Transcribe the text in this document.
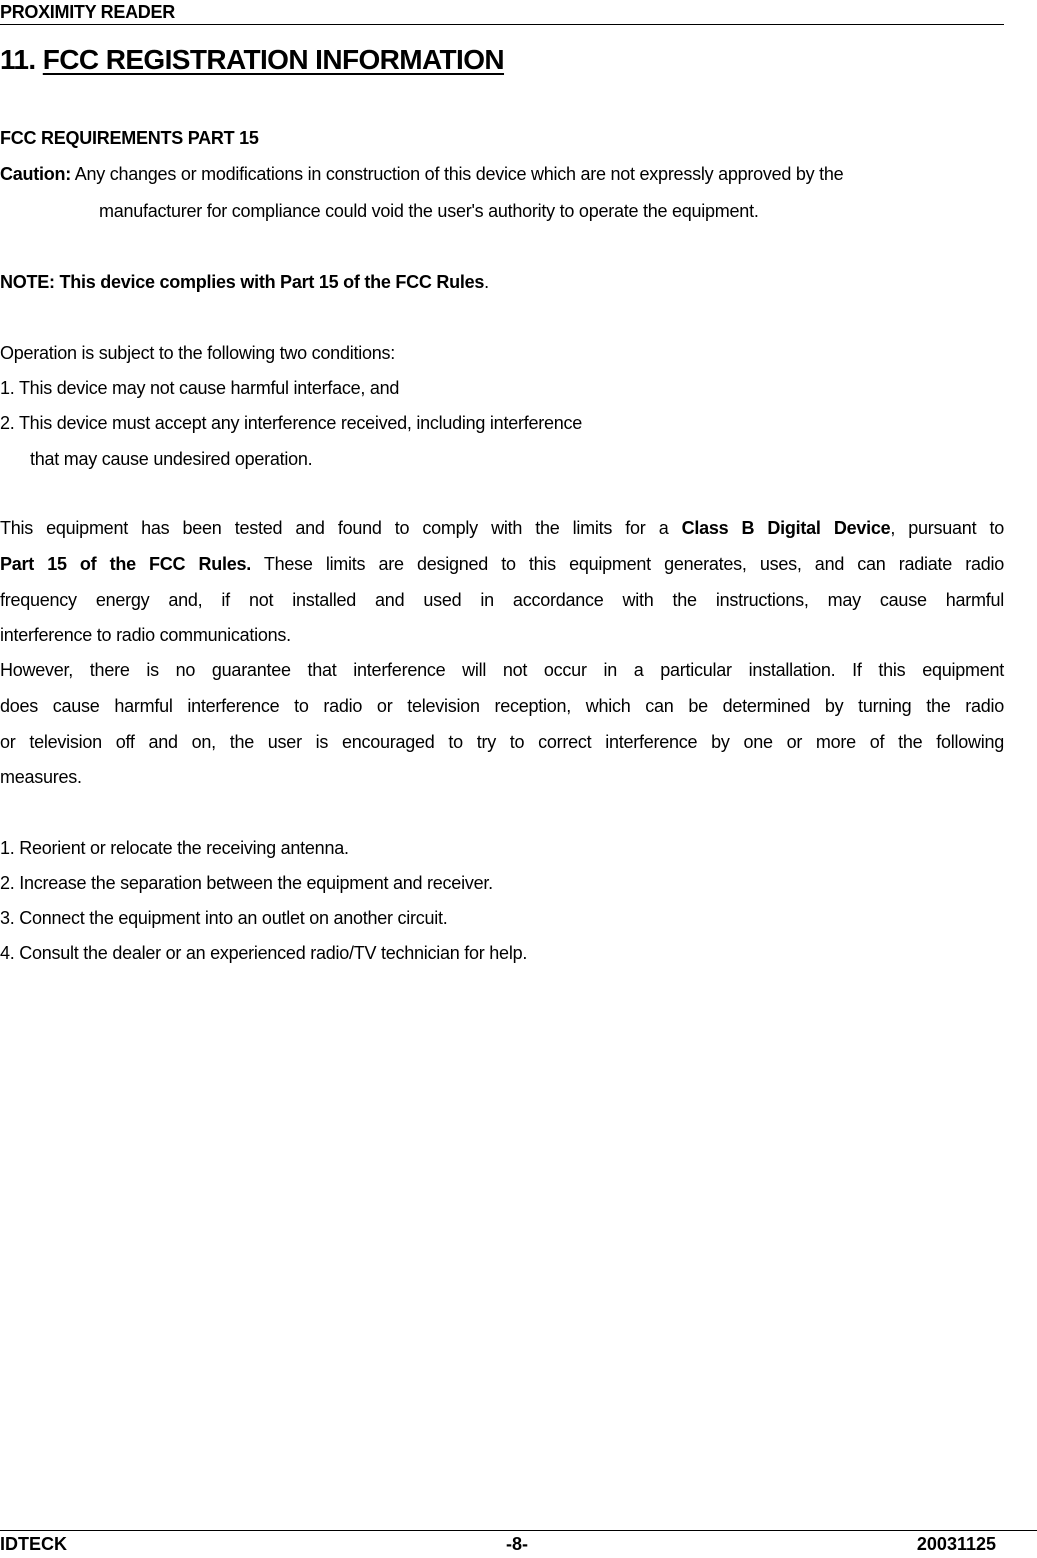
PROXIMITY READER
11. FCC REGISTRATION INFORMATION
FCC REQUIREMENTS PART 15
Caution: Any changes or modifications in construction of this device which are not expressly approved by the
manufacturer for compliance could void the user's authority to operate the equipment.
NOTE: This device complies with Part 15 of the FCC Rules.
Operation is subject to the following two conditions:
1. This device may not cause harmful interface, and
2. This device must accept any interference received, including interference
that may cause undesired operation.
This equipment has been tested and found to comply with the limits for a Class B Digital Device, pursuant to
Part 15 of the FCC Rules. These limits are designed to this equipment generates, uses, and can radiate radio
frequency energy and, if not installed and used in accordance with the instructions, may cause harmful
interference to radio communications.
However, there is no guarantee that interference will not occur in a particular installation. If this equipment
does cause harmful interference to radio or television reception, which can be determined by turning the radio
or television off and on, the user is encouraged to try to correct interference by one or more of the following
measures.
1. Reorient or relocate the receiving antenna.
2. Increase the separation between the equipment and receiver.
3. Connect the equipment into an outlet on another circuit.
4. Consult the dealer or an experienced radio/TV technician for help.
IDTECK	-8-	20031125
